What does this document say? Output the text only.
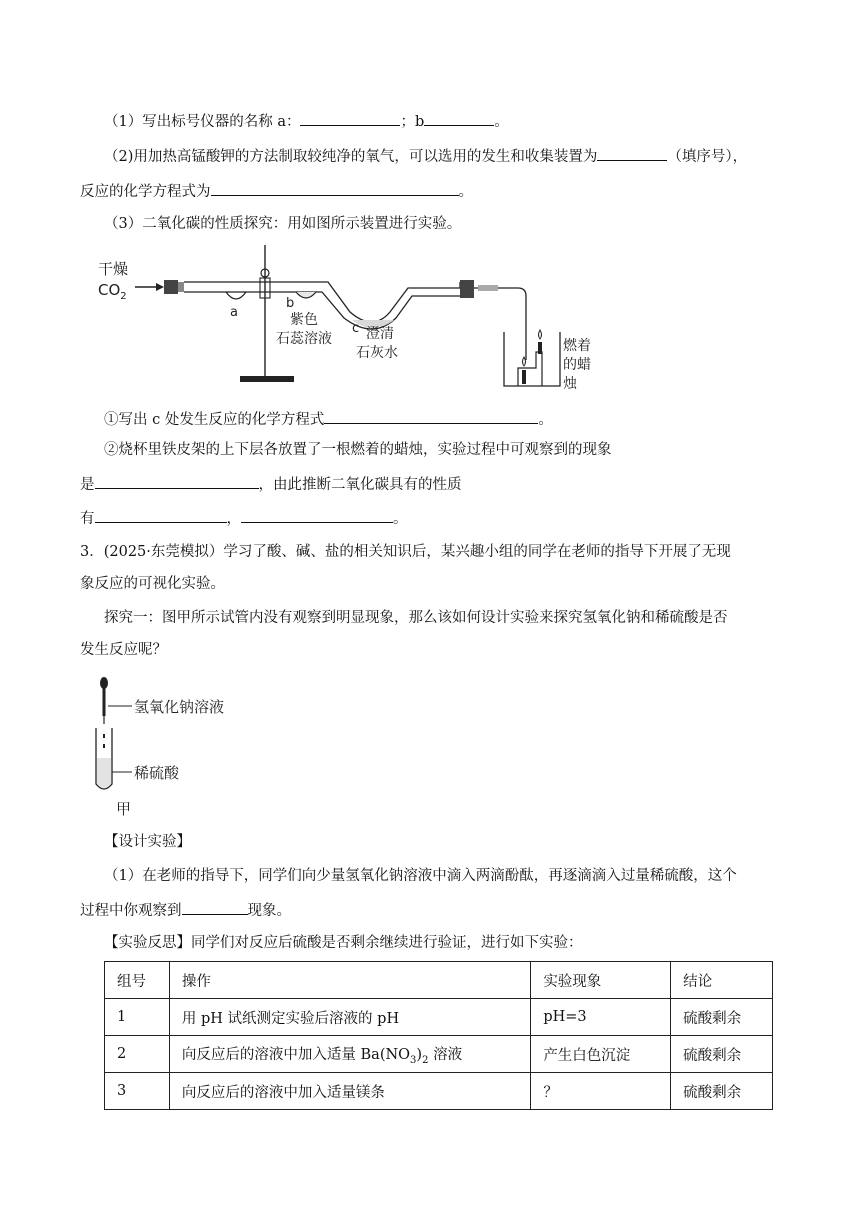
（1）写出标号仪器的名称 a：	；b	。
（2)用加热高锰酸钾的方法制取较纯净的氧气，可以选用的发生和收集装置为	（填序号），
反应的化学方程式为	。
（3）二氧化碳的性质探究：用如图所示装置进行实验。
干燥
$CO_2$
a
b
c
紫色
石蕊溶液 澄清
石灰水	燃着
的蜡
烛
①写出 c 处发生反应的化学方程式	。
②烧杯里铁皮架的上下层各放置了一根燃着的蜡烛，实验过程中可观察到的现象
是	，由此推断二氧化碳具有的性质
有	，	。
3．(2025·东莞模拟）学习了酸、碱、盐的相关知识后，某兴趣小组的同学在老师的指导下开展了无现
象反应的可视化实验。
探究一：图甲所示试管内没有观察到明显现象，那么该如何设计实验来探究氢氧化钠和稀硫酸是否
发生反应呢？
氢氧化钠溶液
稀硫酸
甲
【设计实验】
（1）在老师的指导下，同学们向少量氢氧化钠溶液中滴入两滴酚酞，再逐滴滴入过量稀硫酸，这个
过程中你观察到	现象。
【实验反思】同学们对反应后硫酸是否剩余继续进行验证，进行如下实验：
组号	操作	实验现象	结论
1	用 pH 试纸测定实验后溶液的 pH	pH=3	硫酸剩余
2	向反应后的溶液中加入适量 $Ba(NO_3)_2$ 溶液	产生白色沉淀	硫酸剩余
3	向反应后的溶液中加入适量镁条	？	硫酸剩余
